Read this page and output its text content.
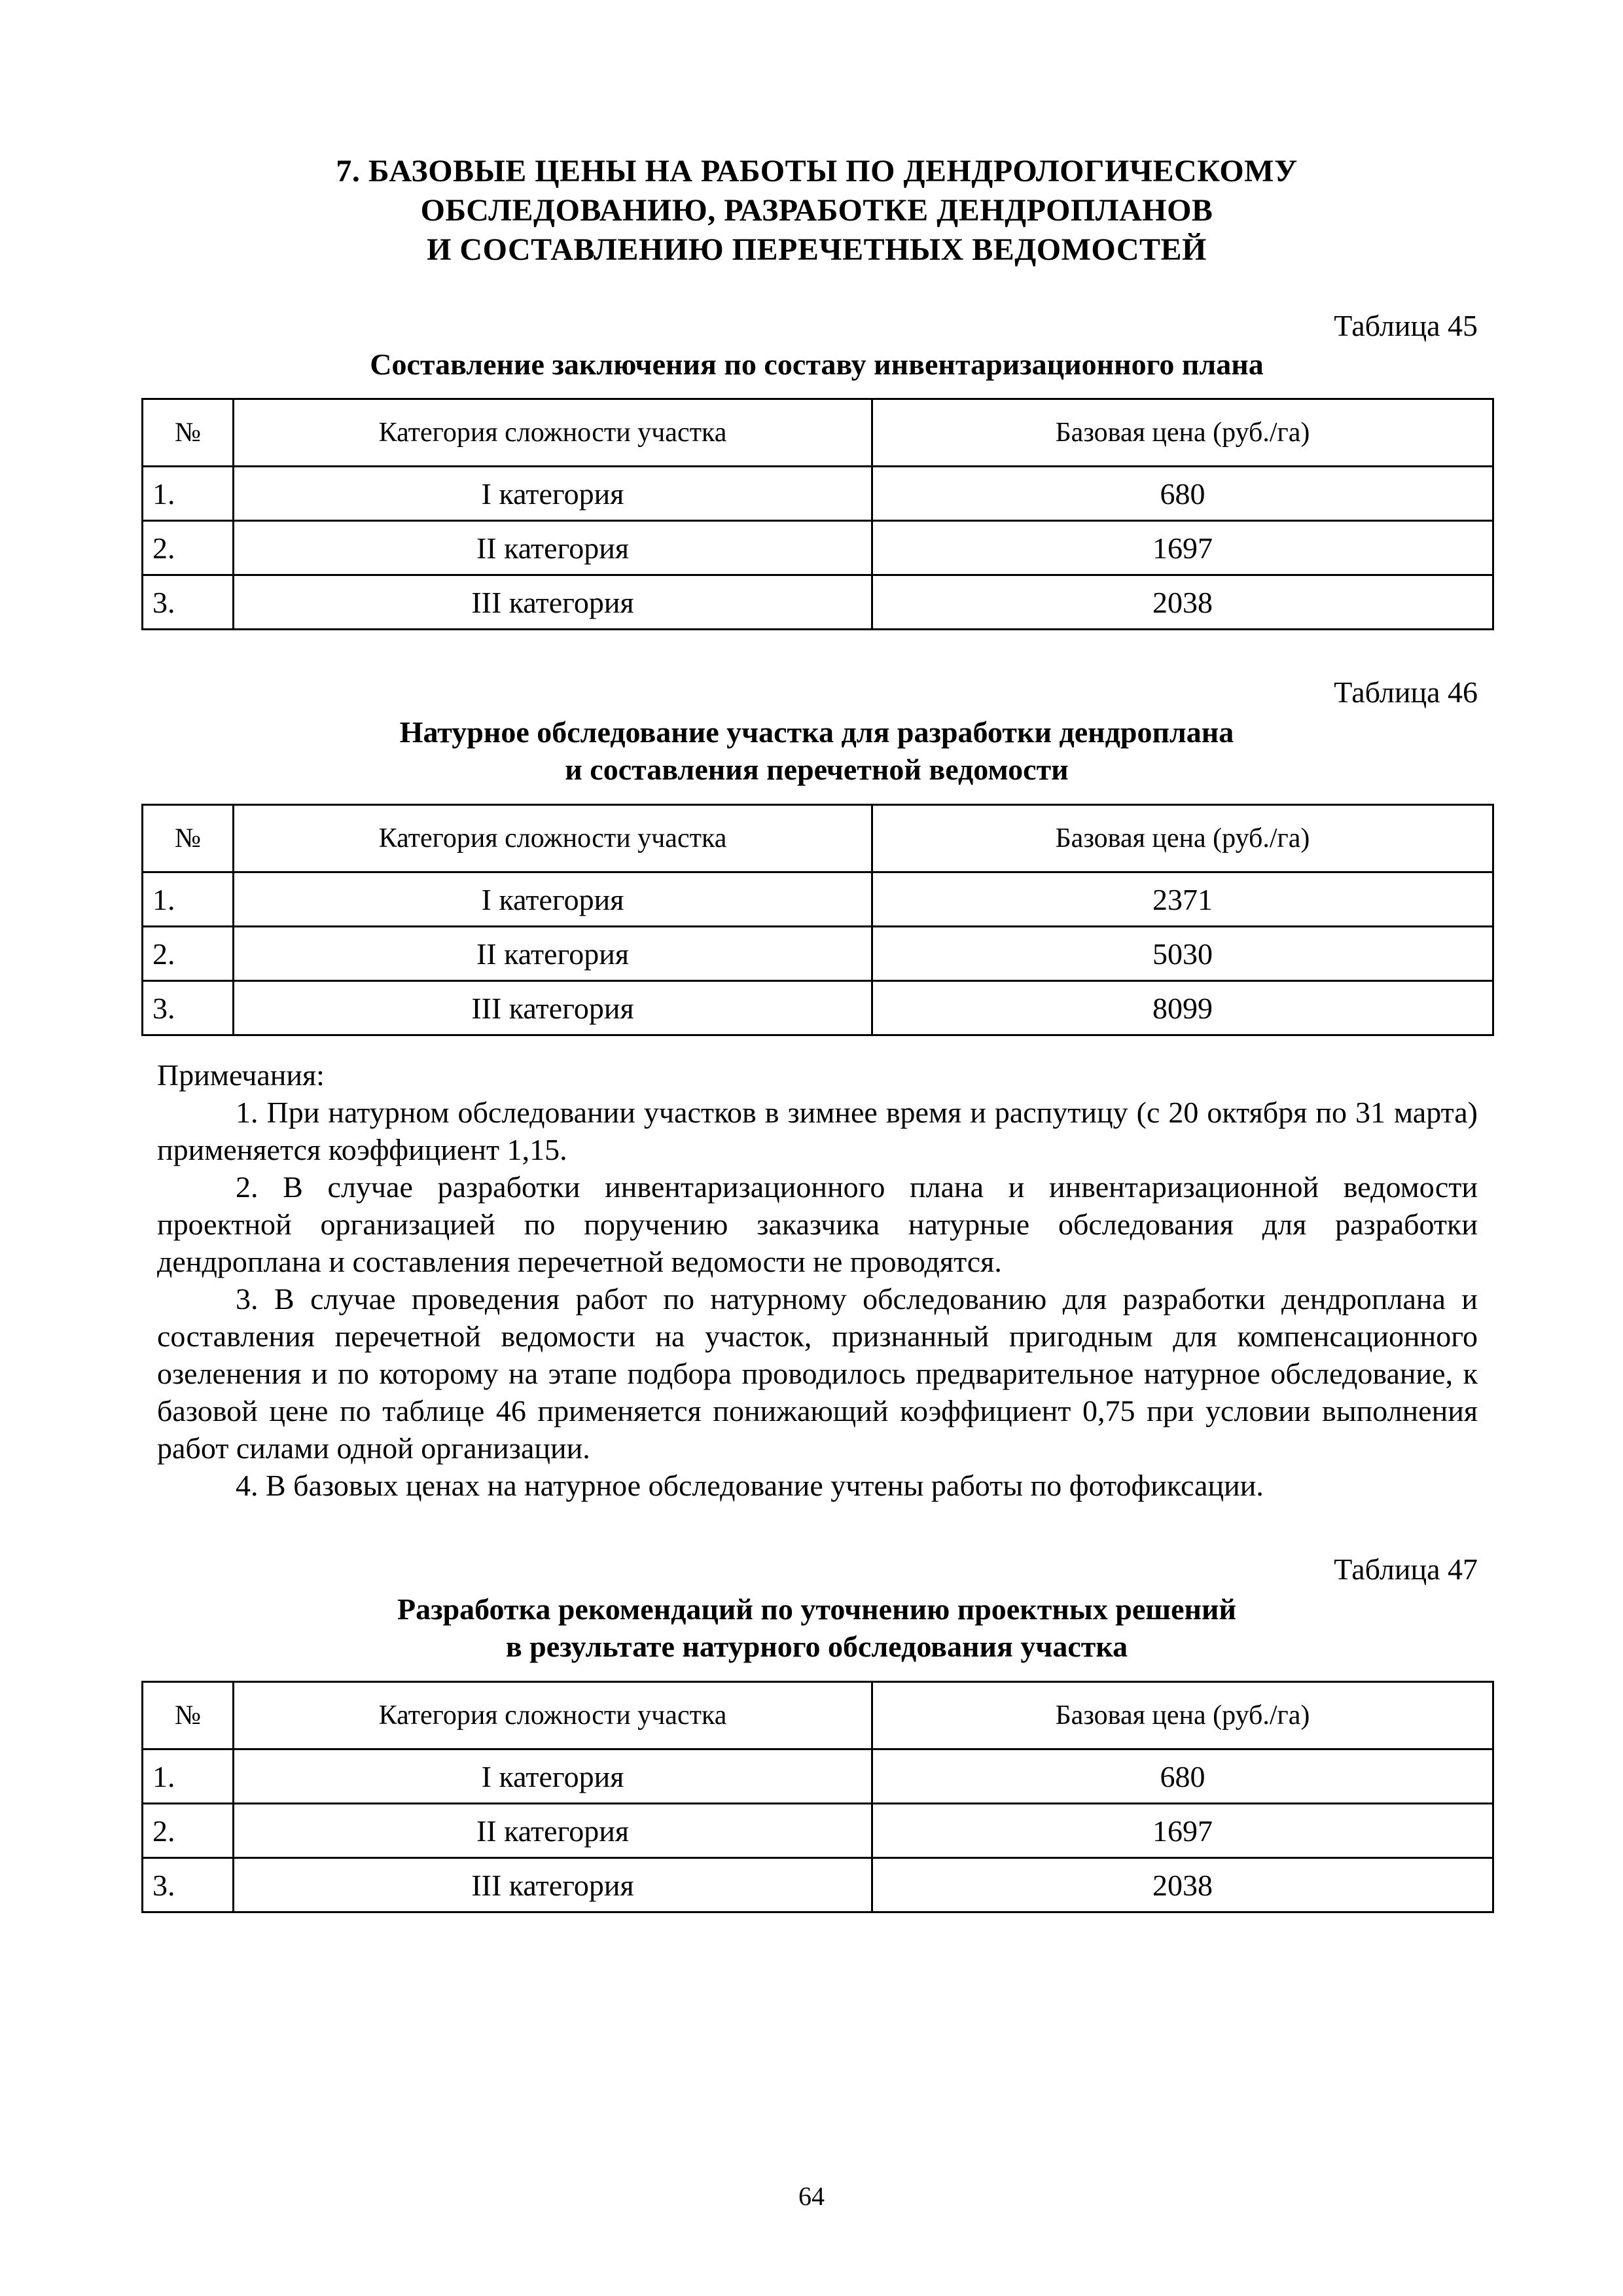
7. БАЗОВЫЕ ЦЕНЫ НА РАБОТЫ ПО ДЕНДРОЛОГИЧЕСКОМУ
ОБСЛЕДОВАНИЮ, РАЗРАБОТКЕ ДЕНДРОПЛАНОВ
И СОСТАВЛЕНИЮ ПЕРЕЧЕТНЫХ ВЕДОМОСТЕЙ
Таблица 45
Составление заключения по составу инвентаризационного плана
№	Категория сложности участка	Базовая цена (руб./га)
1.	I категория	680
2.	II категория	1697
3.	III категория	2038
Таблица 46
Натурное обследование участка для разработки дендроплана
и составления перечетной ведомости
№	Категория сложности участка	Базовая цена (руб./га)
1.	I категория	2371
2.	II категория	5030
3.	III категория	8099

Примечания:

1. При натурном обследовании участков в зимнее время и распутицу (с 20 октября по 31 марта) применяется коэффициент 1,15.

2. В случае разработки инвентаризационного плана и инвентаризационной ведомости проектной организацией по поручению заказчика натурные обследования для разработки дендроплана и составления перечетной ведомости не проводятся.

3. В случае проведения работ по натурному обследованию для разработки дендроплана и составления перечетной ведомости на участок, признанный пригодным для компенсационного озеленения и по которому на этапе подбора проводилось предварительное натурное обследование, к базовой цене по таблице 46 применяется понижающий коэффициент 0,75 при условии выполнения работ силами одной организации.

4. В базовых ценах на натурное обследование учтены работы по фотофиксации.

Таблица 47
Разработка рекомендаций по уточнению проектных решений
в результате натурного обследования участка
№	Категория сложности участка	Базовая цена (руб./га)
1.	I категория	680
2.	II категория	1697
3.	III категория	2038
64
